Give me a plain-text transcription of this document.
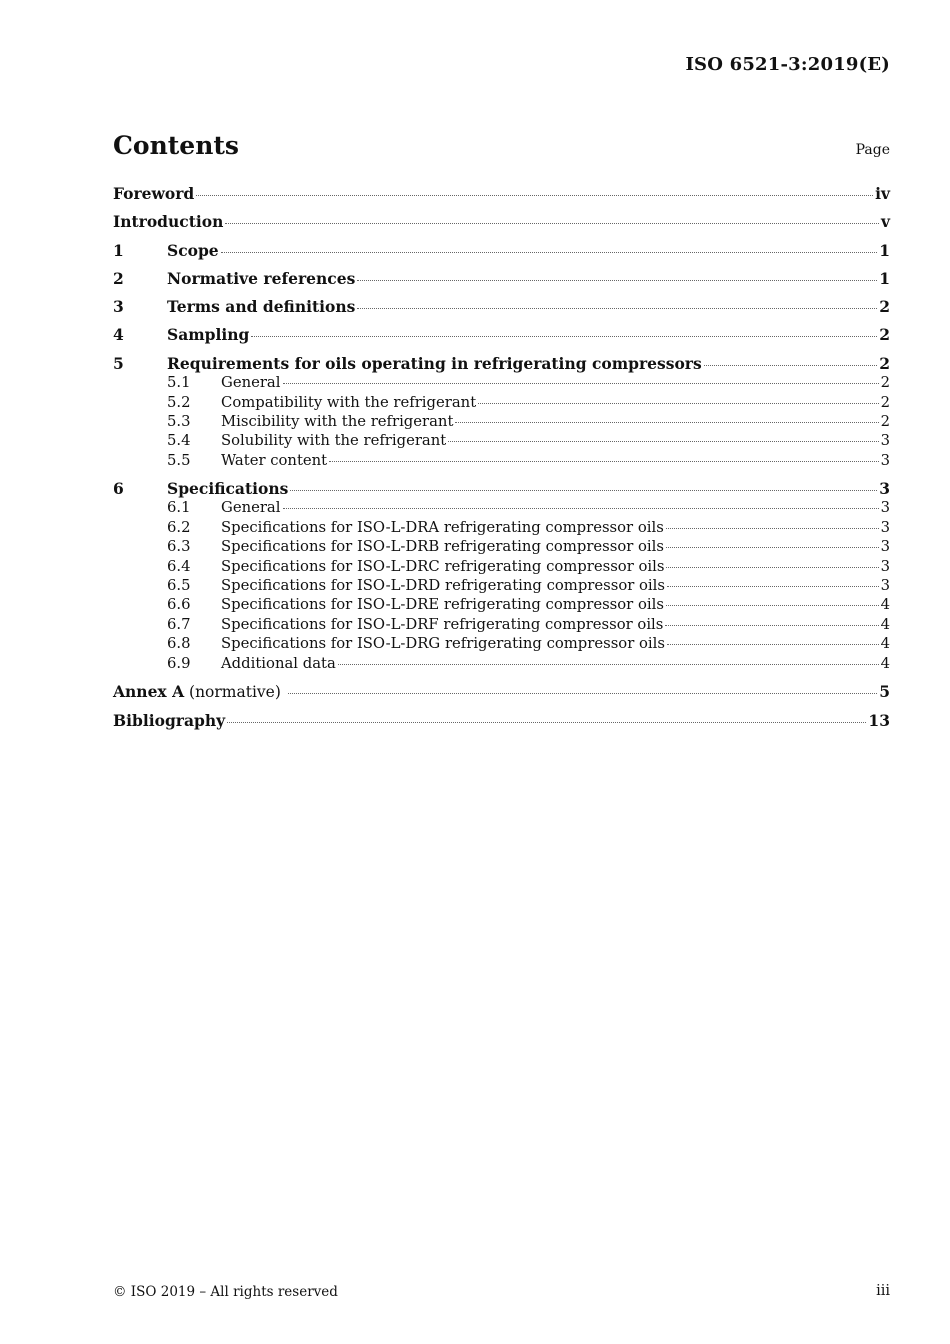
ISO 6521-3:2019(E)
Contents	Page
Foreword	iv
Introduction	v
1	Scope	1
2	Normative references	1
3	Terms and definitions	2
4	Sampling	2
5	Requirements for oils operating in refrigerating compressors	2
5.1	General	2
5.2	Compatibility with the refrigerant	2
5.3	Miscibility with the refrigerant	2
5.4	Solubility with the refrigerant	3
5.5	Water content	3
6	Specifications	3
6.1	General	3
6.2	Specifications for ISO-L-DRA refrigerating compressor oils	3
6.3	Specifications for ISO-L-DRB refrigerating compressor oils	3
6.4	Specifications for ISO-L-DRC refrigerating compressor oils	3
6.5	Specifications for ISO-L-DRD refrigerating compressor oils	3
6.6	Specifications for ISO-L-DRE refrigerating compressor oils	4
6.7	Specifications for ISO-L-DRF refrigerating compressor oils	4
6.8	Specifications for ISO-L-DRG refrigerating compressor oils	4
6.9	Additional data	4
Annex A (normative)	5
Bibliography	13
© ISO 2019 – All rights reserved	iii
